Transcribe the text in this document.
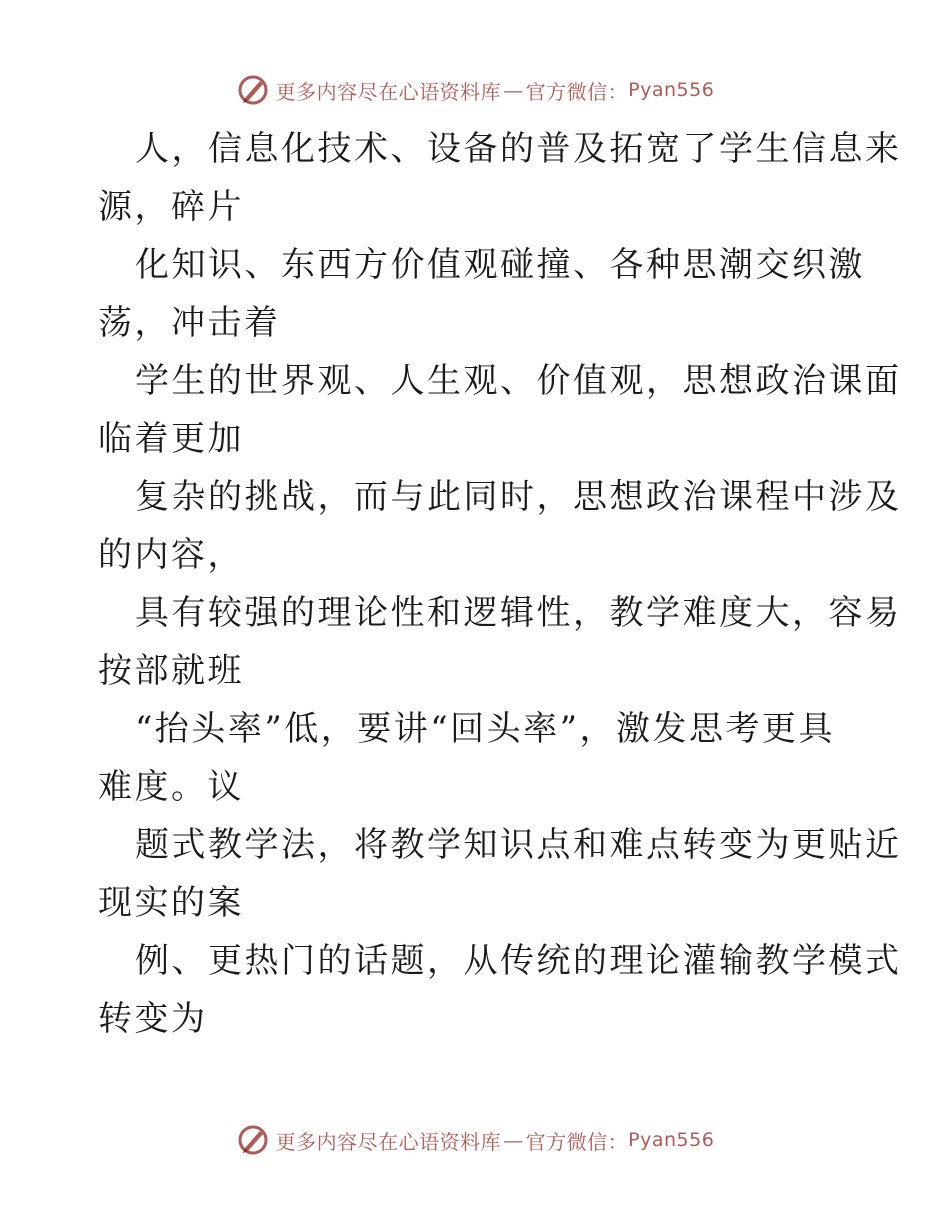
更多内容尽在心语资料库 — 官方微信： Pyan556

人，信息化技术、设备的普及拓宽了学生信息来
源，碎片

化知识、东西方价值观碰撞、各种思潮交织激
荡，冲击着

学生的世界观、人生观、价值观，思想政治课面
临着更加

复杂的挑战，而与此同时，思想政治课程中涉及
的内容，

具有较强的理论性和逻辑性，教学难度大，容易
按部就班

“抬头率”低，要讲“回头率”，激发思考更具
难度。议

题式教学法，将教学知识点和难点转变为更贴近
现实的案

例、更热门的话题，从传统的理论灌输教学模式
转变为

更多内容尽在心语资料库 — 官方微信： Pyan556
